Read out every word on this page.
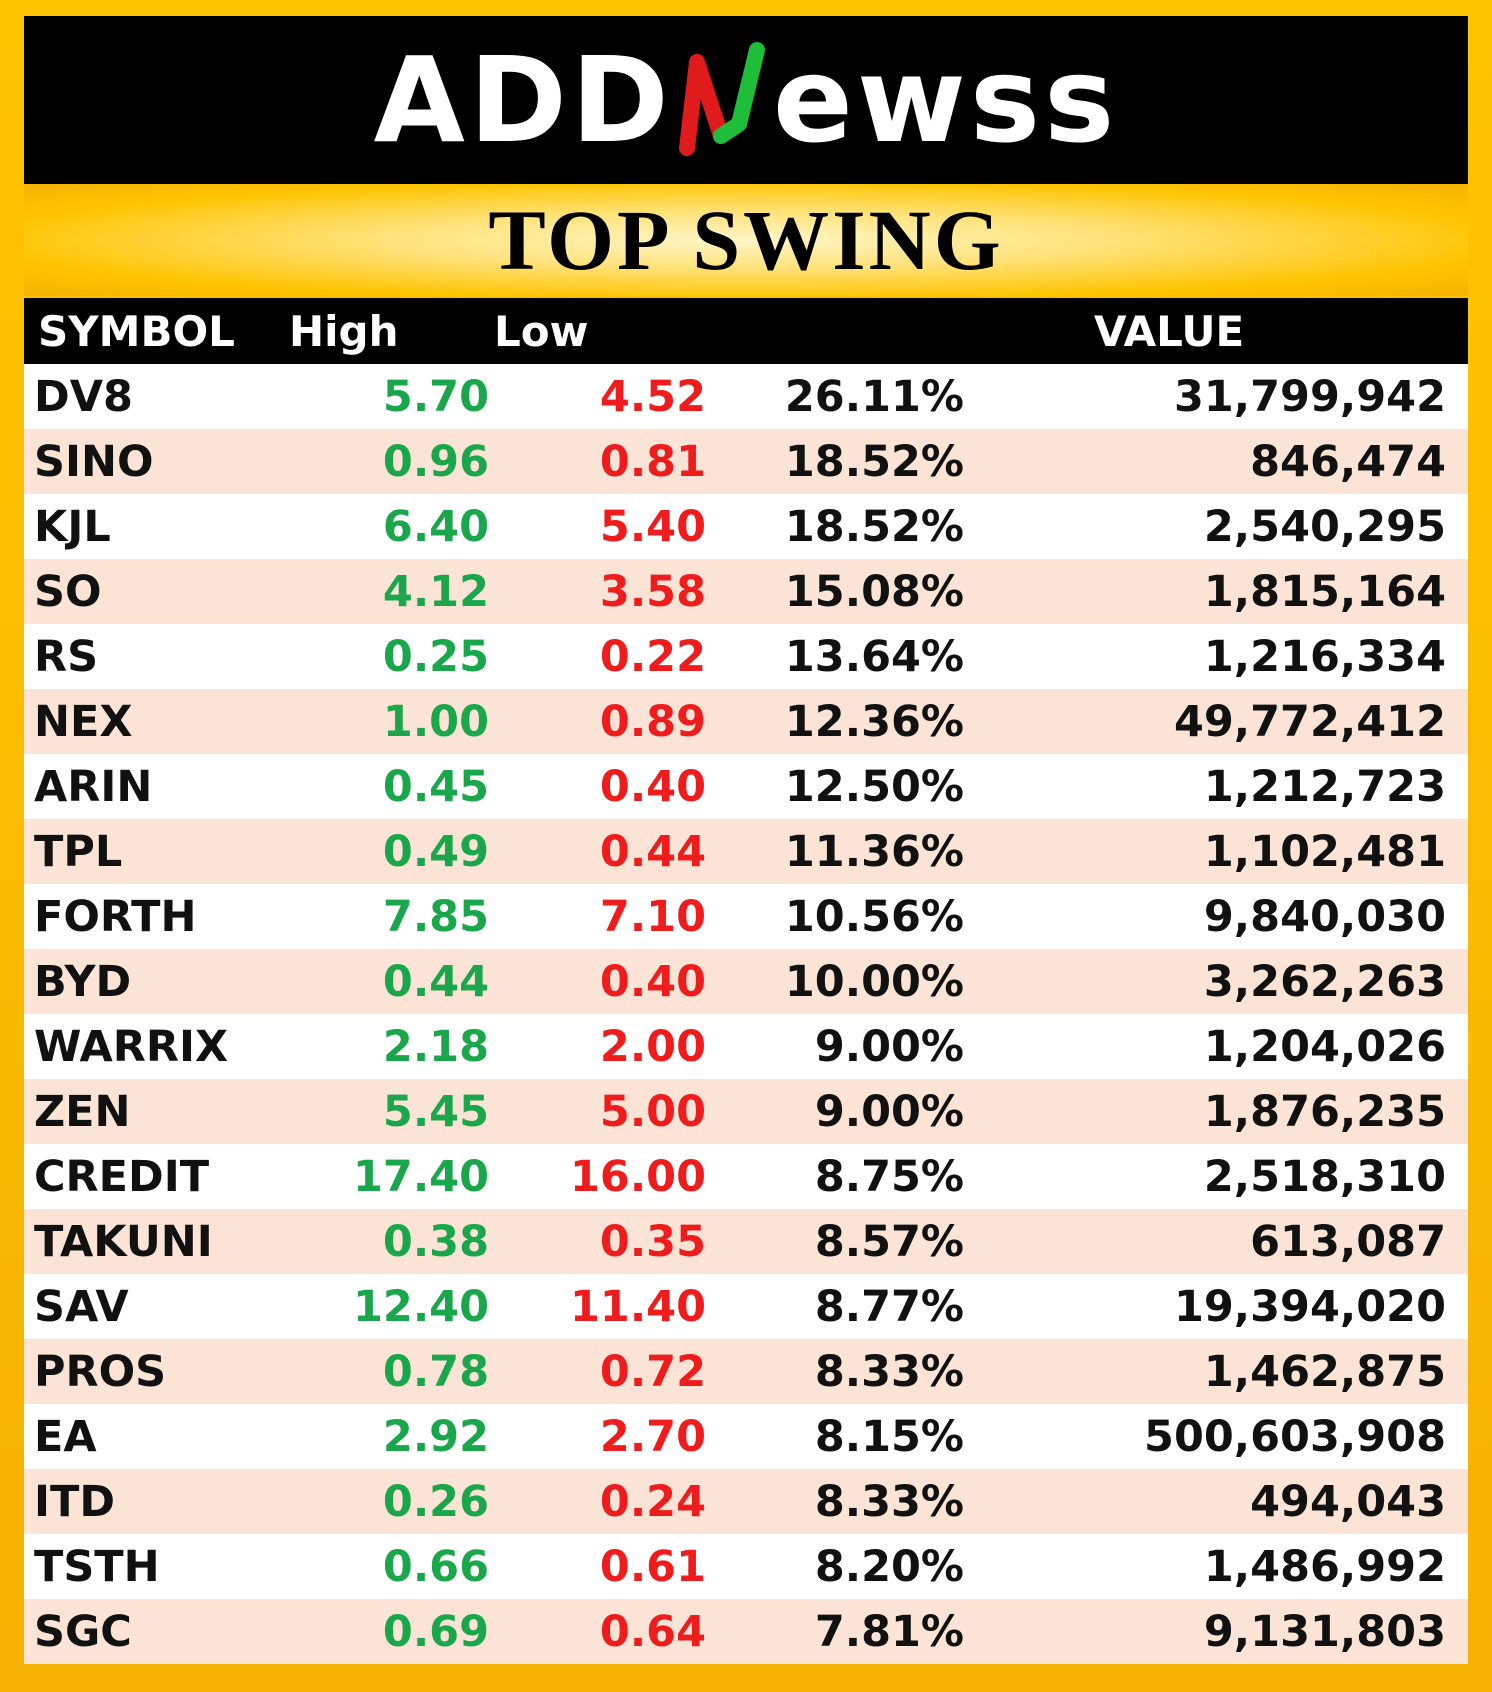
ADD ewss
TOP SWING
SYMBOL	High	Low		VALUE
DV8	5.70	4.52	26.11%	31,799,942
SINO	0.96	0.81	18.52%	846,474
KJL	6.40	5.40	18.52%	2,540,295
SO	4.12	3.58	15.08%	1,815,164
RS	0.25	0.22	13.64%	1,216,334
NEX	1.00	0.89	12.36%	49,772,412
ARIN	0.45	0.40	12.50%	1,212,723
TPL	0.49	0.44	11.36%	1,102,481
FORTH	7.85	7.10	10.56%	9,840,030
BYD	0.44	0.40	10.00%	3,262,263
WARRIX	2.18	2.00	9.00%	1,204,026
ZEN	5.45	5.00	9.00%	1,876,235
CREDIT	17.40	16.00	8.75%	2,518,310
TAKUNI	0.38	0.35	8.57%	613,087
SAV	12.40	11.40	8.77%	19,394,020
PROS	0.78	0.72	8.33%	1,462,875
EA	2.92	2.70	8.15%	500,603,908
ITD	0.26	0.24	8.33%	494,043
TSTH	0.66	0.61	8.20%	1,486,992
SGC	0.69	0.64	7.81%	9,131,803
